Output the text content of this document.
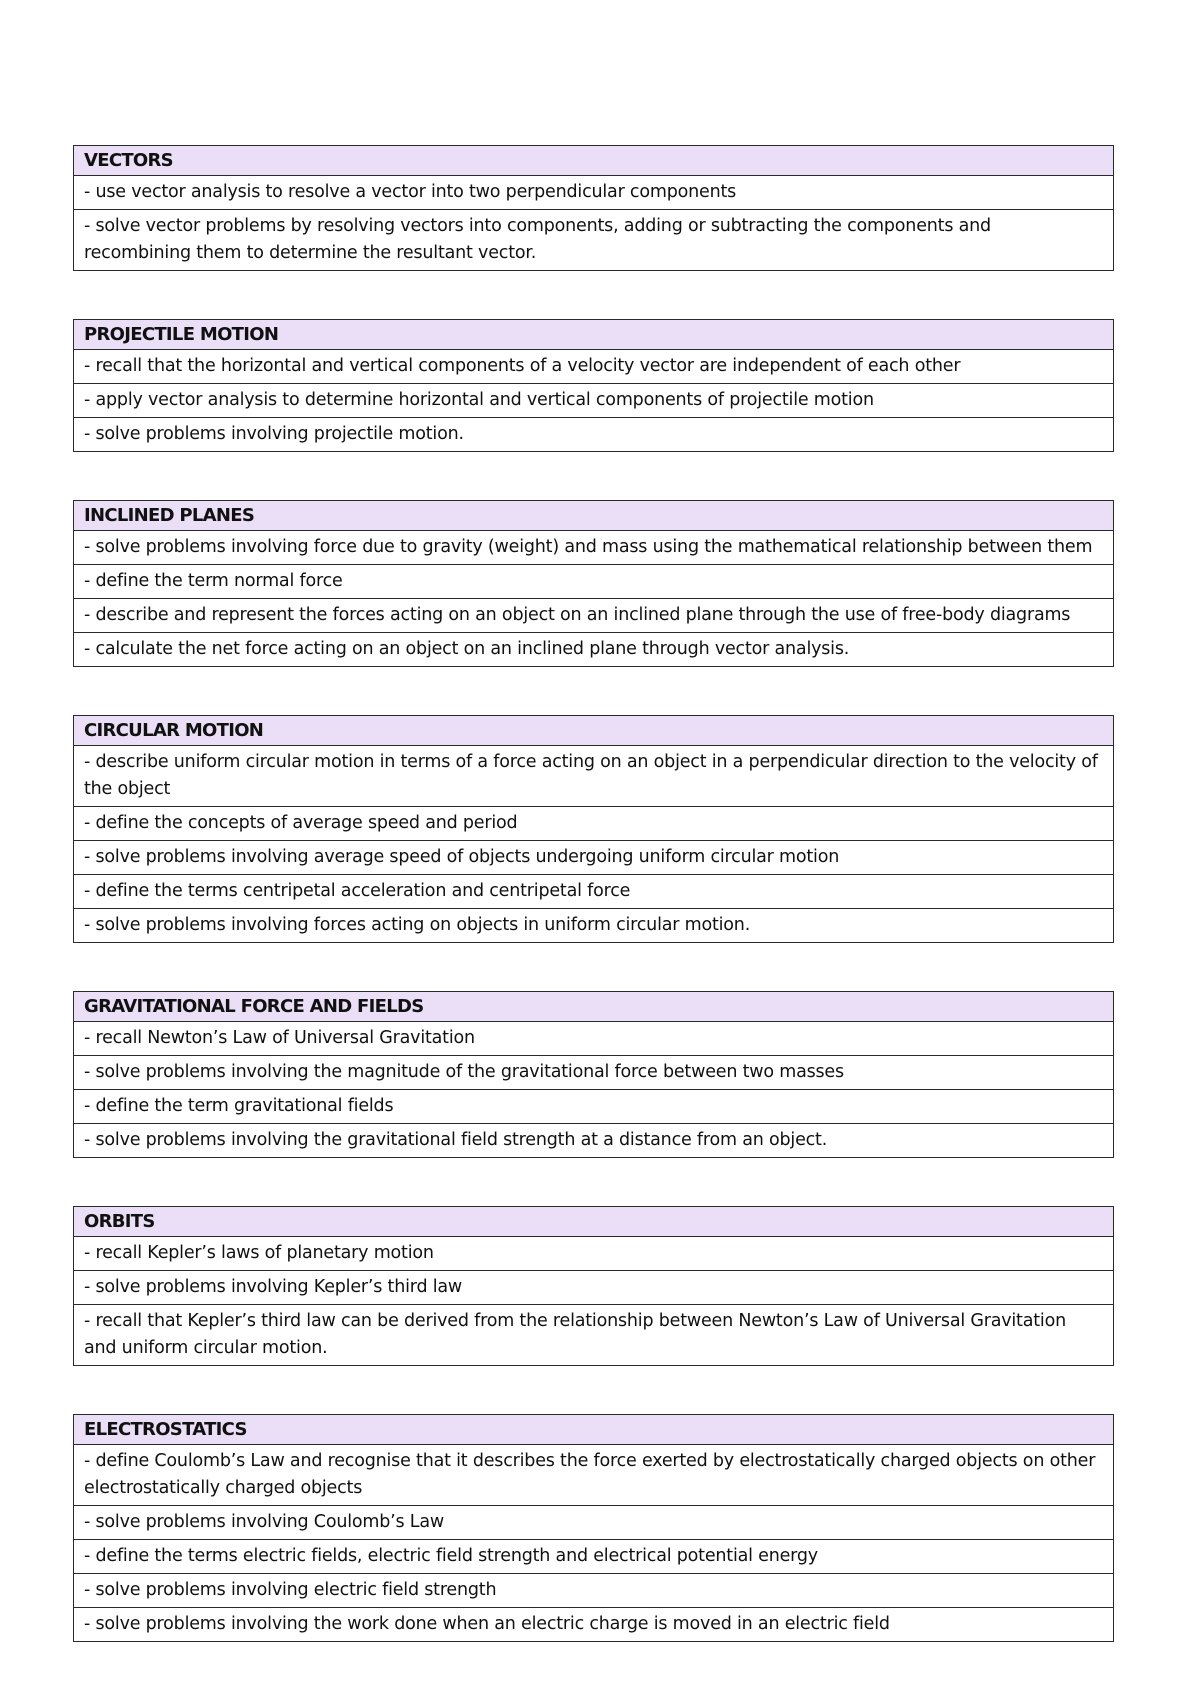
VECTORS
- use vector analysis to resolve a vector into two perpendicular components
- solve vector problems by resolving vectors into components, adding or subtracting the components and recombining them to determine the resultant vector.
PROJECTILE MOTION
- recall that the horizontal and vertical components of a velocity vector are independent of each other
- apply vector analysis to determine horizontal and vertical components of projectile motion
- solve problems involving projectile motion.
INCLINED PLANES
- solve problems involving force due to gravity (weight) and mass using the mathematical relationship between them
- define the term normal force
- describe and represent the forces acting on an object on an inclined plane through the use of free-body diagrams
- calculate the net force acting on an object on an inclined plane through vector analysis.
CIRCULAR MOTION
- describe uniform circular motion in terms of a force acting on an object in a perpendicular direction to the velocity of the object
- define the concepts of average speed and period
- solve problems involving average speed of objects undergoing uniform circular motion
- define the terms centripetal acceleration and centripetal force
- solve problems involving forces acting on objects in uniform circular motion.
GRAVITATIONAL FORCE AND FIELDS
- recall Newton’s Law of Universal Gravitation
- solve problems involving the magnitude of the gravitational force between two masses
- define the term gravitational fields
- solve problems involving the gravitational field strength at a distance from an object.
ORBITS
- recall Kepler’s laws of planetary motion
- solve problems involving Kepler’s third law
- recall that Kepler’s third law can be derived from the relationship between Newton’s Law of Universal Gravitation and uniform circular motion.
ELECTROSTATICS
- define Coulomb’s Law and recognise that it describes the force exerted by electrostatically charged objects on other electrostatically charged objects
- solve problems involving Coulomb’s Law
- define the terms electric fields, electric field strength and electrical potential energy
- solve problems involving electric field strength
- solve problems involving the work done when an electric charge is moved in an electric field
